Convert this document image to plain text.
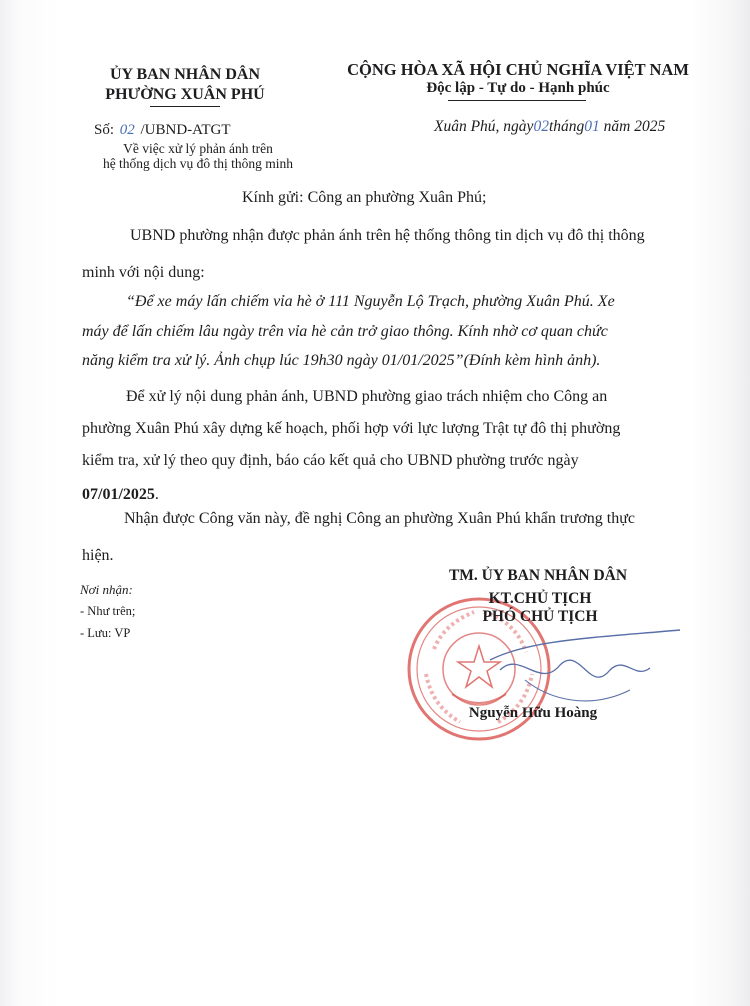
ỦY BAN NHÂN DÂN
PHƯỜNG XUÂN PHÚ
CỘNG HÒA XÃ HỘI CHỦ NGHĨA VIỆT NAM
Độc lập - Tự do - Hạnh phúc
Số: 02 /UBND-ATGT	Xuân Phú, ngày02tháng01 năm 2025
Về việc xử lý phản ánh trên
hệ thống dịch vụ đô thị thông minh
Kính gửi: Công an phường Xuân Phú;
UBND phường nhận được phản ánh trên hệ thống thông tin dịch vụ đô thị thông
minh với nội dung:
“Để xe máy lấn chiếm vỉa hè ở 111 Nguyễn Lộ Trạch, phường Xuân Phú. Xe
máy để lấn chiếm lâu ngày trên vỉa hè cản trở giao thông. Kính nhờ cơ quan chức
năng kiểm tra xử lý. Ảnh chụp lúc 19h30 ngày 01/01/2025”(Đính kèm hình ảnh).
Để xử lý nội dung phản ánh, UBND phường giao trách nhiệm cho Công an
phường Xuân Phú xây dựng kế hoạch, phối hợp với lực lượng Trật tự đô thị phường
kiểm tra, xử lý theo quy định, báo cáo kết quả cho UBND phường trước ngày
07/01/2025.
Nhận được Công văn này, đề nghị Công an phường Xuân Phú khẩn trương thực
hiện.
Nơi nhận:
- Như trên;
- Lưu: VP
TM. ỦY BAN NHÂN DÂN
KT.CHỦ TỊCH
PHÓ CHỦ TỊCH
Nguyễn Hữu Hoàng
